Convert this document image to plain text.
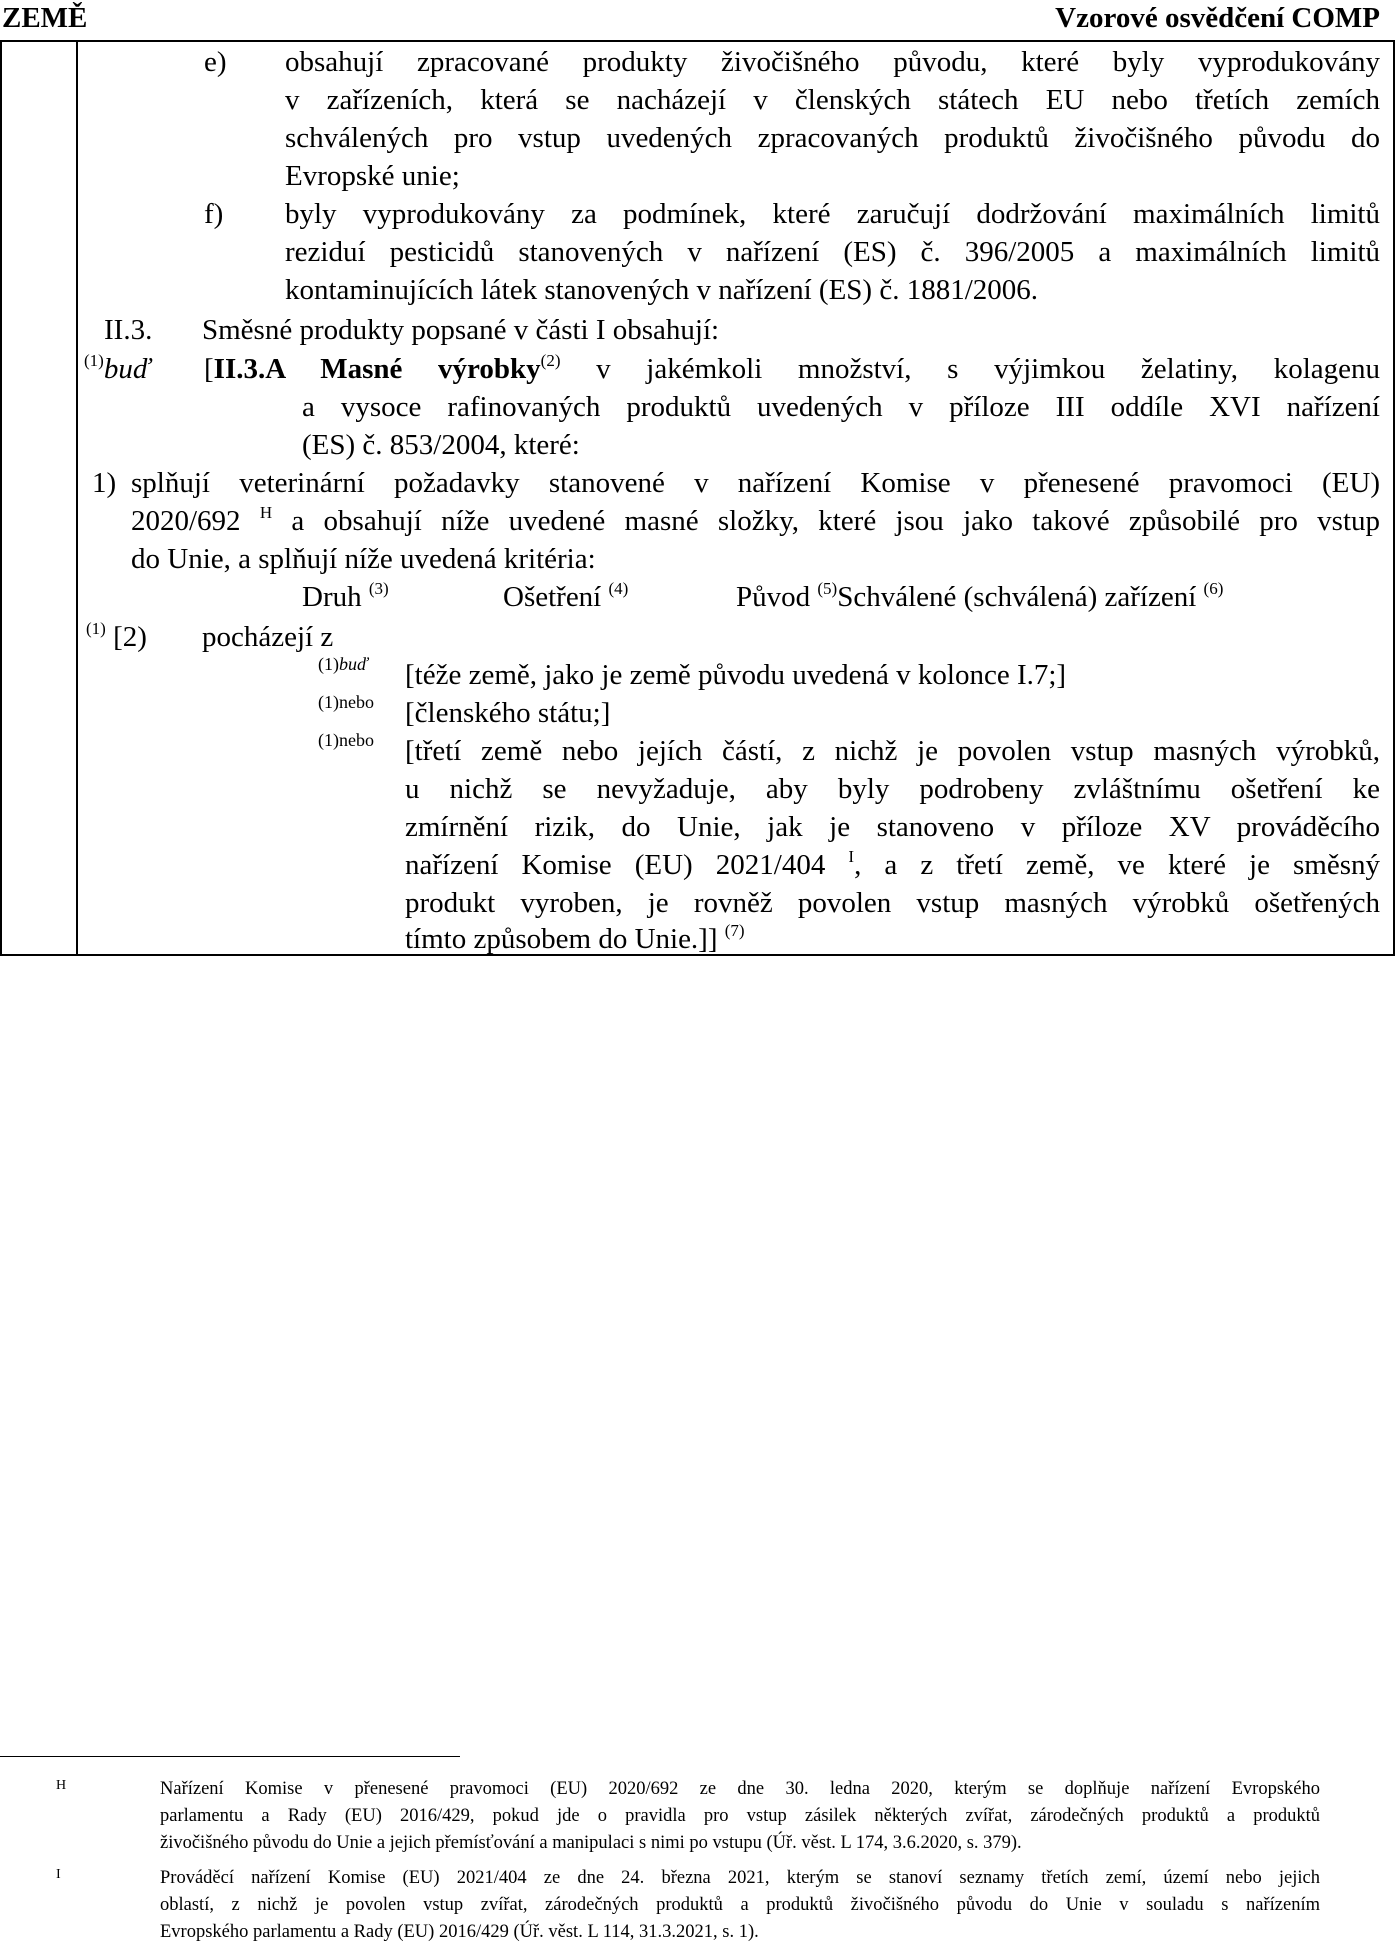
ZEMĚ	Vzorové osvědčení COMP
e) obsahují zpracované produkty živočišného původu, které byly vyprodukovány
v zařízeních, která se nacházejí v členských státech EU nebo třetích zemích
schválených pro vstup uvedených zpracovaných produktů živočišného původu do
Evropské unie;
f) byly vyprodukovány za podmínek, které zaručují dodržování maximálních limitů
reziduí pesticidů stanovených v nařízení (ES) č. 396/2005 a maximálních limitů
kontaminujících látek stanovených v nařízení (ES) č. 1881/2006.
II.3. Směsné produkty popsané v části I obsahují:
$^{(1)}$buď [II.3.A Masné výrobky$^{(2)}$ v jakémkoli množství, s výjimkou želatiny, kolagenu
a vysoce rafinovaných produktů uvedených v příloze III oddíle XVI nařízení
(ES) č. 853/2004, které:
1) splňují veterinární požadavky stanovené v nařízení Komise v přenesené pravomoci (EU)
2020/692 $^H$ a obsahují níže uvedené masné složky, které jsou jako takové způsobilé pro vstup
do Unie, a splňují níže uvedená kritéria:
Druh $^{(3)}$	Ošetření $^{(4)}$	Původ $^{(5)}$Schválené (schválená) zařízení $^{(6)}$
$^{(1)}$ [2) pocházejí z
(1)buď [téže země, jako je země původu uvedená v kolonce I.7;]
(1)nebo [členského státu;]
(1)nebo [třetí země nebo jejích částí, z nichž je povolen vstup masných výrobků,
u nichž se nevyžaduje, aby byly podrobeny zvláštnímu ošetření ke
zmírnění rizik, do Unie, jak je stanoveno v příloze XV prováděcího
nařízení Komise (EU) 2021/404 $^I$, a z třetí země, ve které je směsný
produkt vyroben, je rovněž povolen vstup masných výrobků ošetřených
tímto způsobem do Unie.]] $^{(7)}$
H	Nařízení Komise v přenesené pravomoci (EU) 2020/692 ze dne 30. ledna 2020, kterým se doplňuje nařízení Evropského
parlamentu a Rady (EU) 2016/429, pokud jde o pravidla pro vstup zásilek některých zvířat, zárodečných produktů a produktů
živočišného původu do Unie a jejich přemísťování a manipulaci s nimi po vstupu (Úř. věst. L 174, 3.6.2020, s. 379).
I	Prováděcí nařízení Komise (EU) 2021/404 ze dne 24. března 2021, kterým se stanoví seznamy třetích zemí, území nebo jejich
oblastí, z nichž je povolen vstup zvířat, zárodečných produktů a produktů živočišného původu do Unie v souladu s nařízením
Evropského parlamentu a Rady (EU) 2016/429 (Úř. věst. L 114, 31.3.2021, s. 1).
